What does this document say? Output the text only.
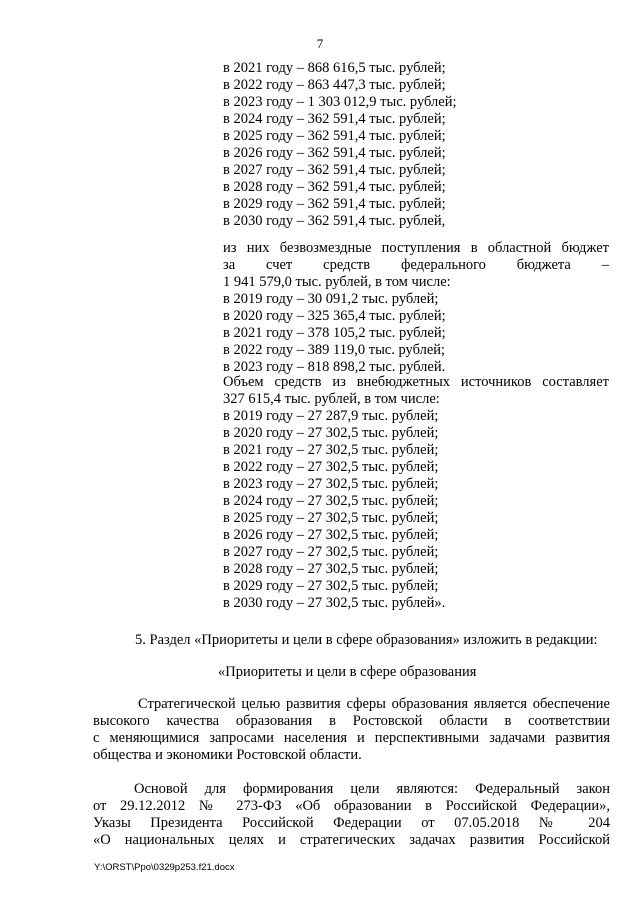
7
в 2021 году – 868 616,5 тыс. рублей;
в 2022 году – 863 447,3 тыс. рублей;
в 2023 году – 1 303 012,9 тыс. рублей;
в 2024 году – 362 591,4 тыс. рублей;
в 2025 году – 362 591,4 тыс. рублей;
в 2026 году – 362 591,4 тыс. рублей;
в 2027 году – 362 591,4 тыс. рублей;
в 2028 году – 362 591,4 тыс. рублей;
в 2029 году – 362 591,4 тыс. рублей;
в 2030 году – 362 591,4 тыс. рублей,
из них безвозмездные поступления в областной бюджет
за счет средств федерального бюджета –
1 941 579,0 тыс. рублей, в том числе:
в 2019 году – 30 091,2 тыс. рублей;
в 2020 году – 325 365,4 тыс. рублей;
в 2021 году – 378 105,2 тыс. рублей;
в 2022 году – 389 119,0 тыс. рублей;
в 2023 году – 818 898,2 тыс. рублей.
Объем средств из внебюджетных источников составляет
327 615,4 тыс. рублей, в том числе:
в 2019 году – 27 287,9 тыс. рублей;
в 2020 году – 27 302,5 тыс. рублей;
в 2021 году – 27 302,5 тыс. рублей;
в 2022 году – 27 302,5 тыс. рублей;
в 2023 году – 27 302,5 тыс. рублей;
в 2024 году – 27 302,5 тыс. рублей;
в 2025 году – 27 302,5 тыс. рублей;
в 2026 году – 27 302,5 тыс. рублей;
в 2027 году – 27 302,5 тыс. рублей;
в 2028 году – 27 302,5 тыс. рублей;
в 2029 году – 27 302,5 тыс. рублей;
в 2030 году – 27 302,5 тыс. рублей».
5. Раздел «Приоритеты и цели в сфере образования» изложить в редакции:
«Приоритеты и цели в сфере образования
Стратегической целью развития сферы образования является обеспечение
высокого качества образования в Ростовской области в соответствии
с меняющимися запросами населения и перспективными задачами развития
общества и экономики Ростовской области.
Основой для формирования цели являются: Федеральный закон
от 29.12.2012 № 273-ФЗ «Об образовании в Российской Федерации»,
Указы Президента Российской Федерации от 07.05.2018 № 204
«О национальных целях и стратегических задачах развития Российской
Y:\ORST\Ppo\0329p253.f21.docx
